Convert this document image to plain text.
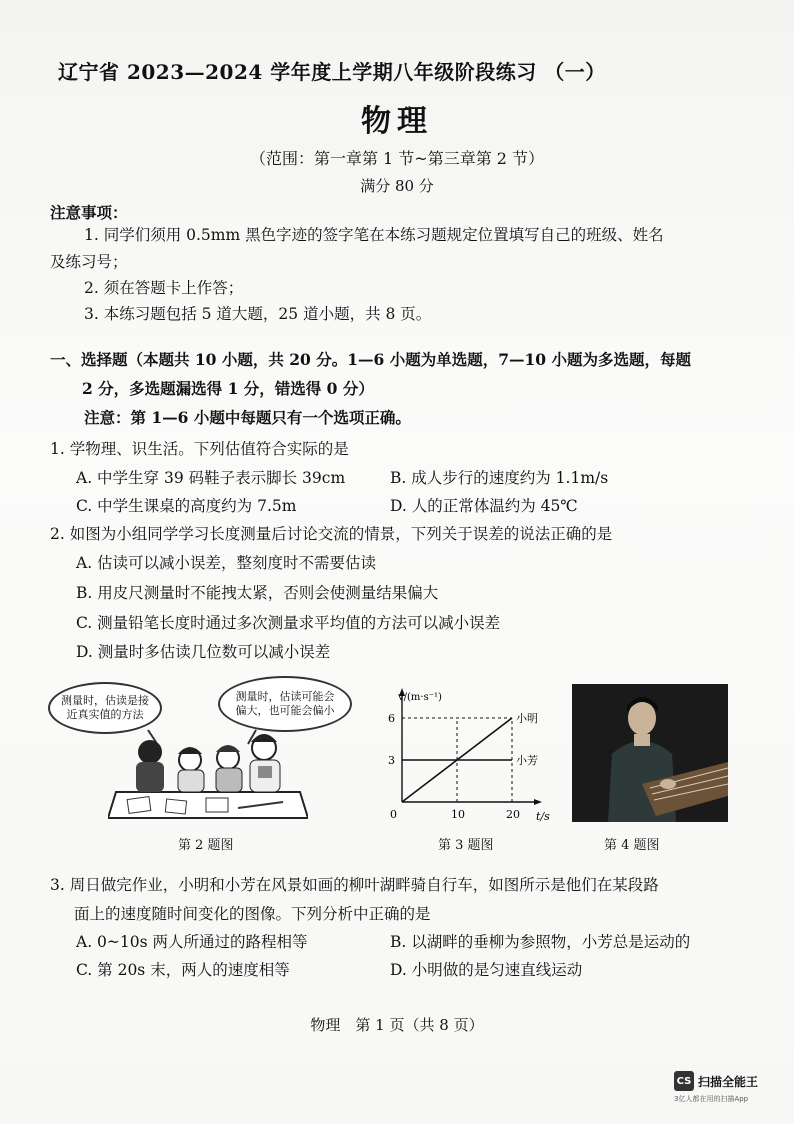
辽宁省 2023—2024 学年度上学期八年级阶段练习 （一）
物理
（范围：第一章第 1 节~第三章第 2 节）
满分 80 分
注意事项：
1. 同学们须用 0.5mm 黑色字迹的签字笔在本练习题规定位置填写自己的班级、姓名
及练习号；
2. 须在答题卡上作答；
3. 本练习题包括 5 道大题，25 道小题，共 8 页。
一、选择题（本题共 10 小题，共 20 分。1—6 小题为单选题，7—10 小题为多选题，每题
2 分，多选题漏选得 1 分，错选得 0 分）
注意：第 1—6 小题中每题只有一个选项正确。
1. 学物理、识生活。下列估值符合实际的是
A. 中学生穿 39 码鞋子表示脚长 39cm	B. 成人步行的速度约为 1.1m/s
C. 中学生课桌的高度约为 7.5m	D. 人的正常体温约为 45℃
2. 如图为小组同学学习长度测量后讨论交流的情景，下列关于误差的说法正确的是
A. 估读可以减小误差，整刻度时不需要估读
B. 用皮尺测量时不能拽太紧，否则会使测量结果偏大
C. 测量铅笔长度时通过多次测量求平均值的方法可以减小误差
D. 测量时多估读几位数可以减小误差
测量时，估读是接近真实值的方法
测量时，估读可能会偏大，也可能会偏小
第 2 题图
t/s
v/(m·s⁻¹)
0	10	20
3
6	小明
小芳
第 3 题图	第 4 题图
3. 周日做完作业，小明和小芳在风景如画的柳叶湖畔骑自行车，如图所示是他们在某段路
面上的速度随时间变化的图像。下列分析中正确的是
A. 0~10s 两人所通过的路程相等	B. 以湖畔的垂柳为参照物，小芳总是运动的
C. 第 20s 末，两人的速度相等	D. 小明做的是匀速直线运动
物理　第 1 页（共 8 页）
CS 扫描全能王
3亿人都在用的扫描App
